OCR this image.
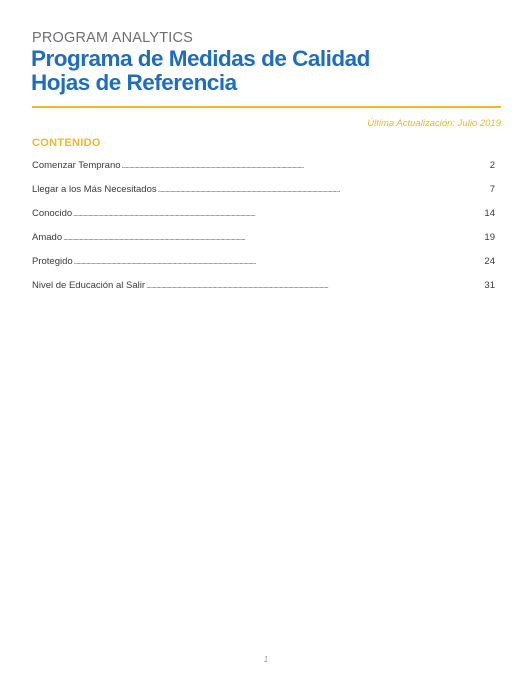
PROGRAM ANALYTICS
Programa de Medidas de Calidad
Hojas de Referencia
Última Actualización: Julio 2019
CONTENIDO
Comenzar Temprano . . .	2
Llegar a los Más Necesitados . . .	7
Conocido . . .	14
Amado . . .	19
Protegido . . .	24
Nivel de Educación al Salir . . .	31
1
